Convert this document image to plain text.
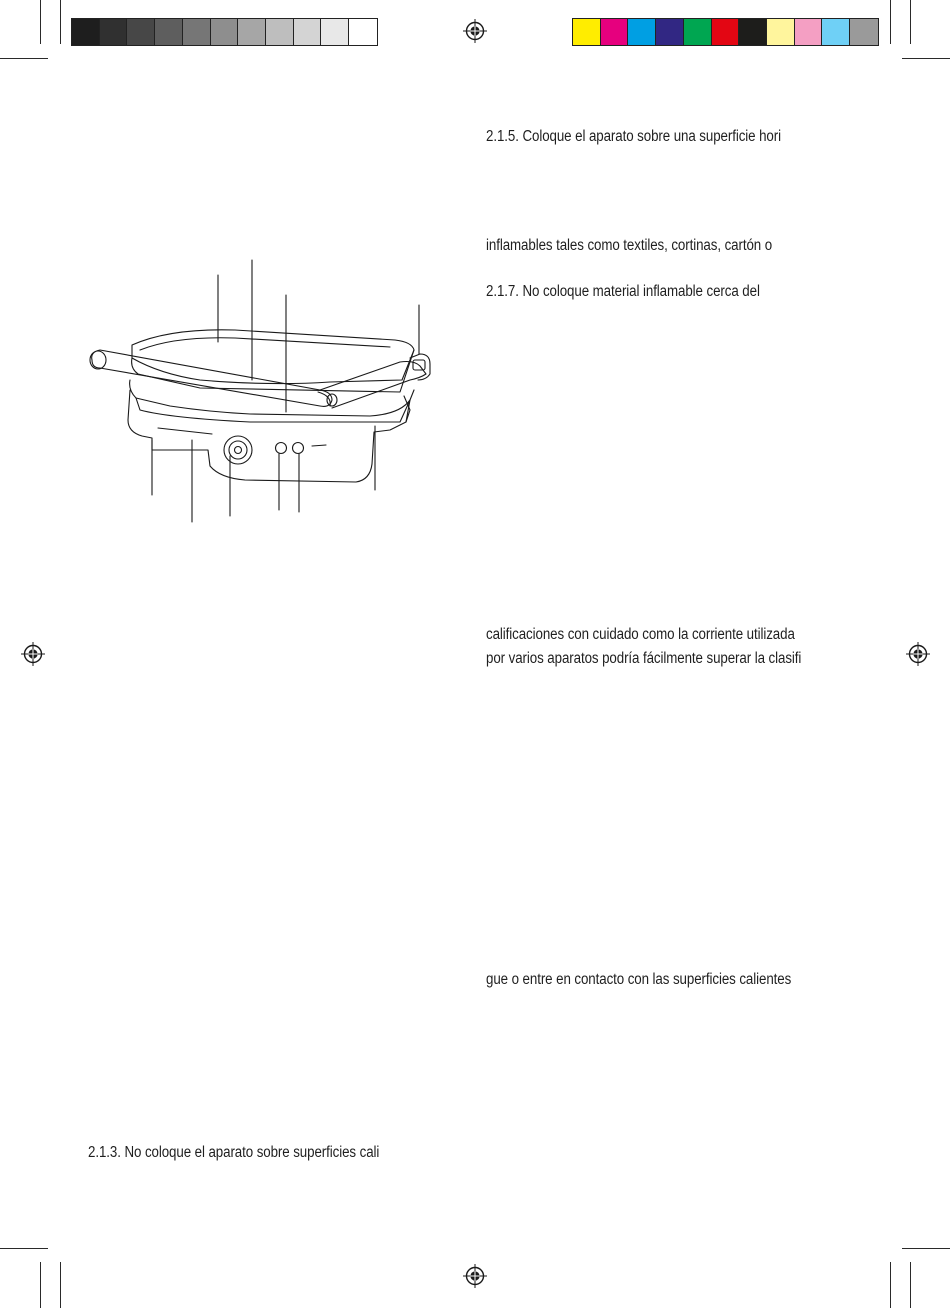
2.1.5. Coloque el aparato sobre una superficie hori
inflamables tales como textiles, cortinas, cartón o
2.1.7. No coloque material inflamable cerca del
calificaciones con cuidado como la corriente utilizada
por varios aparatos podría fácilmente superar la clasifi
gue o entre en contacto con las superficies calientes
2.1.3. No coloque el aparato sobre superficies cali
